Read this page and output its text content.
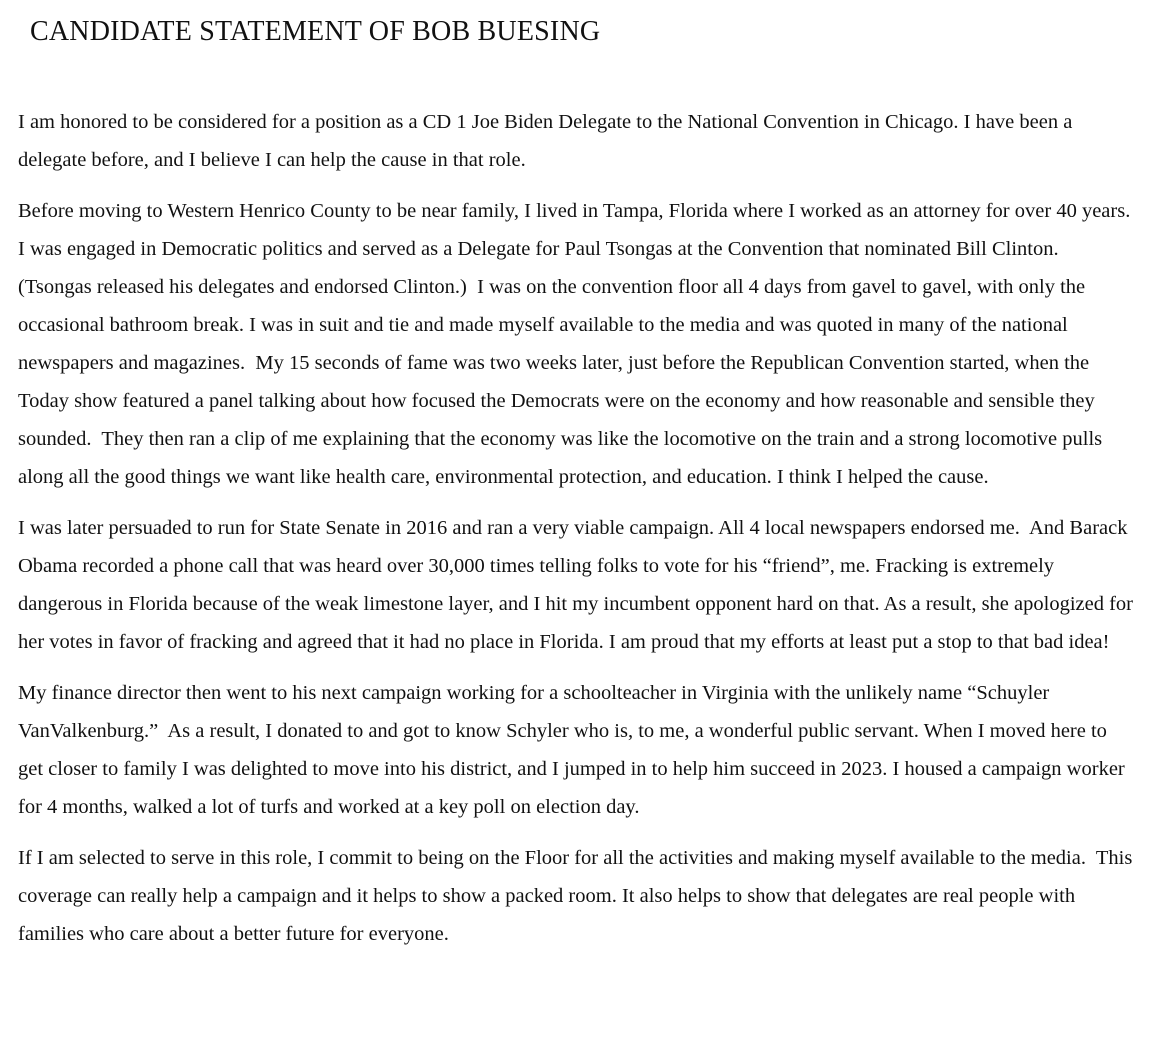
CANDIDATE STATEMENT OF BOB BUESING

I am honored to be considered for a position as a CD 1 Joe Biden Delegate to the National Convention in Chicago. I have been a delegate before, and I believe I can help the cause in that role.

Before moving to Western Henrico County to be near family, I lived in Tampa, Florida where I worked as an attorney for over 40 years.  I was engaged in Democratic politics and served as a Delegate for Paul Tsongas at the Convention that nominated Bill Clinton. (Tsongas released his delegates and endorsed Clinton.)  I was on the convention floor all 4 days from gavel to gavel, with only the occasional bathroom break. I was in suit and tie and made myself available to the media and was quoted in many of the national newspapers and magazines.  My 15 seconds of fame was two weeks later, just before the Republican Convention started, when the Today show featured a panel talking about how focused the Democrats were on the economy and how reasonable and sensible they sounded.  They then ran a clip of me explaining that the economy was like the locomotive on the train and a strong locomotive pulls along all the good things we want like health care, environmental protection, and education. I think I helped the cause.

I was later persuaded to run for State Senate in 2016 and ran a very viable campaign. All 4 local newspapers endorsed me.  And Barack Obama recorded a phone call that was heard over 30,000 times telling folks to vote for his “friend”, me. Fracking is extremely dangerous in Florida because of the weak limestone layer, and I hit my incumbent opponent hard on that. As a result, she apologized for her votes in favor of fracking and agreed that it had no place in Florida. I am proud that my efforts at least put a stop to that bad idea!

My finance director then went to his next campaign working for a schoolteacher in Virginia with the unlikely name “Schuyler VanValkenburg.”  As a result, I donated to and got to know Schyler who is, to me, a wonderful public servant. When I moved here to get closer to family I was delighted to move into his district, and I jumped in to help him succeed in 2023. I housed a campaign worker for 4 months, walked a lot of turfs and worked at a key poll on election day.

If I am selected to serve in this role, I commit to being on the Floor for all the activities and making myself available to the media.  This coverage can really help a campaign and it helps to show a packed room. It also helps to show that delegates are real people with families who care about a better future for everyone.
